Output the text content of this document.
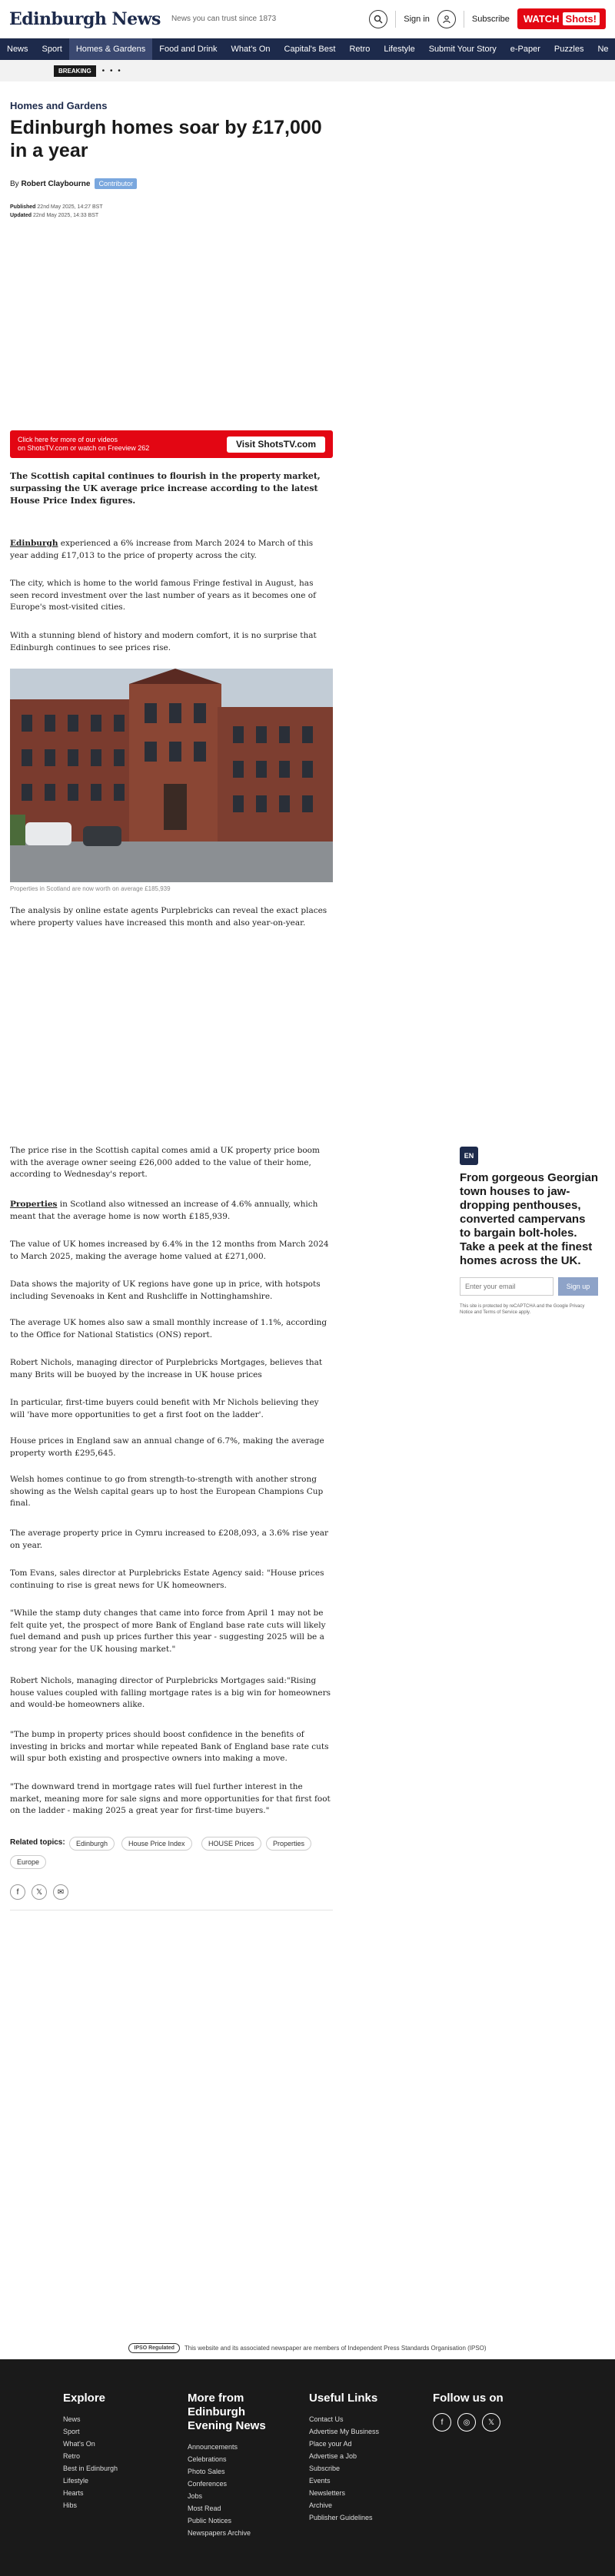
Edinburgh News News you can trust since 1873	Sign in	Subscribe WATCH Shots!
News	Sport	Homes & Gardens	Food and Drink	What's On	Capital's Best	Retro	Lifestyle	Submit Your Story	e-Paper	Puzzles	Ne
BREAKING	• • •
Homes and Gardens
Edinburgh homes soar by £17,000 in a year
By Robert Claybourne	Contributor
Published 22nd May 2025, 14:27 BST
Updated 22nd May 2025, 14:33 BST
Click here for more of our videos
on ShotsTV.com or watch on Freeview 262	Visit ShotsTV.com

The Scottish capital continues to flourish in the property market, surpassing the UK average price increase according to the latest House Price Index figures.

Edinburgh experienced a 6% increase from March 2024 to March of this year adding £17,013 to the price of property across the city.

The city, which is home to the world famous Fringe festival in August, has seen record investment over the last number of years as it becomes one of Europe's most-visited cities.

With a stunning blend of history and modern comfort, it is no surprise that Edinburgh continues to see prices rise.

Properties in Scotland are now worth on average £185,939

The analysis by online estate agents Purplebricks can reveal the exact places where property values have increased this month and also year-on-year.

The price rise in the Scottish capital comes amid a UK property price boom with the average owner seeing £26,000 added to the value of their home, according to Wednesday's report.

Properties in Scotland also witnessed an increase of 4.6% annually, which meant that the average home is now worth £185,939.

The value of UK homes increased by 6.4% in the 12 months from March 2024 to March 2025, making the average home valued at £271,000.

Data shows the majority of UK regions have gone up in price, with hotspots including Sevenoaks in Kent and Rushcliffe in Nottinghamshire.

The average UK homes also saw a small monthly increase of 1.1%, according to the Office for National Statistics (ONS) report.

Robert Nichols, managing director of Purplebricks Mortgages, believes that many Brits will be buoyed by the increase in UK house prices

In particular, first-time buyers could benefit with Mr Nichols believing they will 'have more opportunities to get a first foot on the ladder'.

House prices in England saw an annual change of 6.7%, making the average property worth £295,645.

Welsh homes continue to go from strength-to-strength with another strong showing as the Welsh capital gears up to host the European Champions Cup final.

The average property price in Cymru increased to £208,093, a 3.6% rise year on year.

Tom Evans, sales director at Purplebricks Estate Agency said: "House prices continuing to rise is great news for UK homeowners.

"While the stamp duty changes that came into force from April 1 may not be felt quite yet, the prospect of more Bank of England base rate cuts will likely fuel demand and push up prices further this year - suggesting 2025 will be a strong year for the UK housing market."

Robert Nichols, managing director of Purplebricks Mortgages said:"Rising house values coupled with falling mortgage rates is a big win for homeowners and would-be homeowners alike.

"The bump in property prices should boost confidence in the benefits of investing in bricks and mortar while repeated Bank of England base rate cuts will spur both existing and prospective owners into making a move.

"The downward trend in mortgage rates will fuel further interest in the market, meaning more for sale signs and more opportunities for that first foot on the ladder - making 2025 a great year for first-time buyers."

Related topics:	Edinburgh	House Price Index	HOUSE Prices	Properties
Europe
f	𝕏	✉
EN
From gorgeous Georgian town houses to jaw-dropping penthouses, converted campervans to bargain bolt-holes. Take a peek at the finest homes across the UK.
Enter your email	Sign up
This site is protected by reCAPTCHA and the Google Privacy Notice and Terms of Service apply.
IPSO Regulated	This website and its associated newspaper are members of Independent Press Standards Organisation (IPSO)
Explore
News
Sport
What's On
Retro
Best in Edinburgh
Lifestyle
Hearts
Hibs
More from Edinburgh Evening News
Announcements
Celebrations
Photo Sales
Conferences
Jobs
Most Read
Public Notices
Newspapers Archive
Useful Links
Contact Us
Advertise My Business
Place your Ad
Advertise a Job
Subscribe
Events
Newsletters
Archive
Publisher Guidelines
Follow us on
f	◎	𝕏
